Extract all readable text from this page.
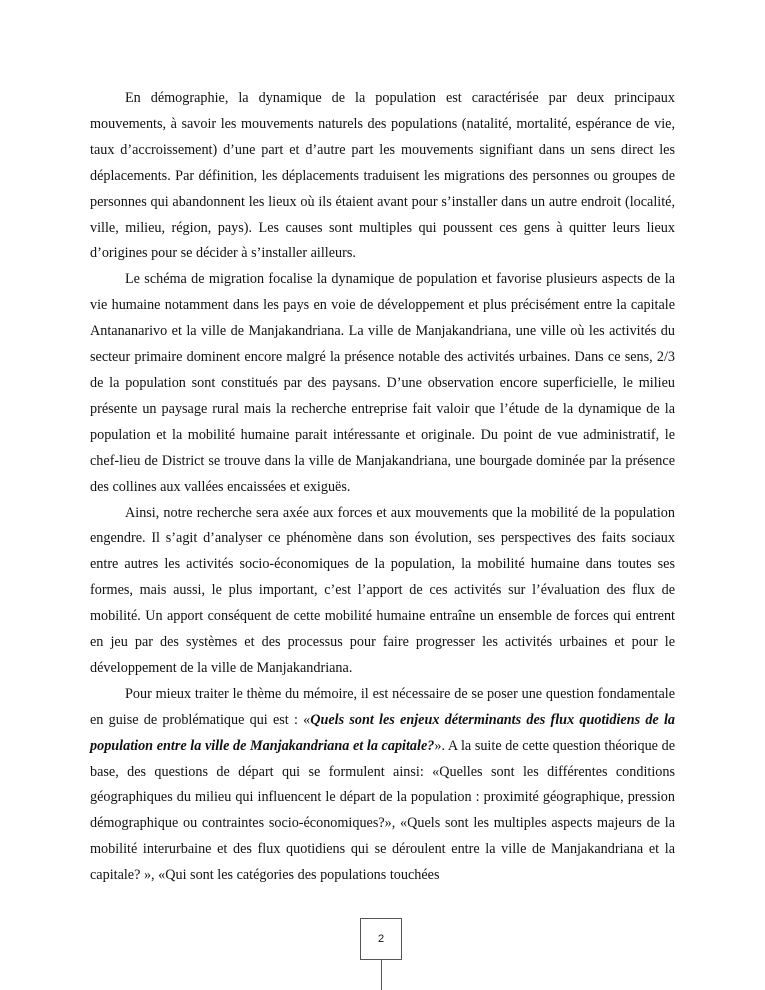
En démographie, la dynamique de la population est caractérisée par deux principaux mouvements, à savoir les mouvements naturels des populations (natalité, mortalité, espérance de vie, taux d’accroissement) d’une part et d’autre part les mouvements signifiant dans un sens direct les déplacements. Par définition, les déplacements traduisent les migrations des personnes ou groupes de personnes qui abandonnent les lieux où ils étaient avant pour s’installer dans un autre endroit (localité, ville, milieu, région, pays). Les causes sont multiples qui poussent ces gens à quitter leurs lieux d’origines pour se décider à s’installer ailleurs.

Le schéma de migration focalise la dynamique de population et favorise plusieurs aspects de la vie humaine notamment dans les pays en voie de développement et plus précisément entre la capitale Antananarivo et la ville de Manjakandriana. La ville de Manjakandriana, une ville où les activités du secteur primaire dominent encore malgré la présence notable des activités urbaines. Dans ce sens, 2/3 de la population sont constitués par des paysans. D’une observation encore superficielle, le milieu présente un paysage rural mais la recherche entreprise fait valoir que l’étude de la dynamique de la population et la mobilité humaine parait intéressante et originale. Du point de vue administratif, le chef-lieu de District se trouve dans la ville de Manjakandriana, une bourgade dominée par la présence des collines aux vallées encaissées et exiguës.

Ainsi, notre recherche sera axée aux forces et aux mouvements que la mobilité de la population engendre. Il s’agit d’analyser ce phénomène dans son évolution, ses perspectives des faits sociaux entre autres les activités socio-économiques de la population, la mobilité humaine dans toutes ses formes, mais aussi, le plus important, c’est l’apport de ces activités sur l’évaluation des flux de mobilité. Un apport conséquent de cette mobilité humaine entraîne un ensemble de forces qui entrent en jeu par des systèmes et des processus pour faire progresser les activités urbaines et pour le développement de la ville de Manjakandriana.

Pour mieux traiter le thème du mémoire, il est nécessaire de se poser une question fondamentale en guise de problématique qui est : «Quels sont les enjeux déterminants des flux quotidiens de la population entre la ville de Manjakandriana et la capitale?». A la suite de cette question théorique de base, des questions de départ qui se formulent ainsi: «Quelles sont les différentes conditions géographiques du milieu qui influencent le départ de la population : proximité géographique, pression démographique ou contraintes socio-économiques?», «Quels sont les multiples aspects majeurs de la mobilité interurbaine et des flux quotidiens qui se déroulent entre la ville de Manjakandriana et la capitale? », «Qui sont les catégories des populations touchées

2
